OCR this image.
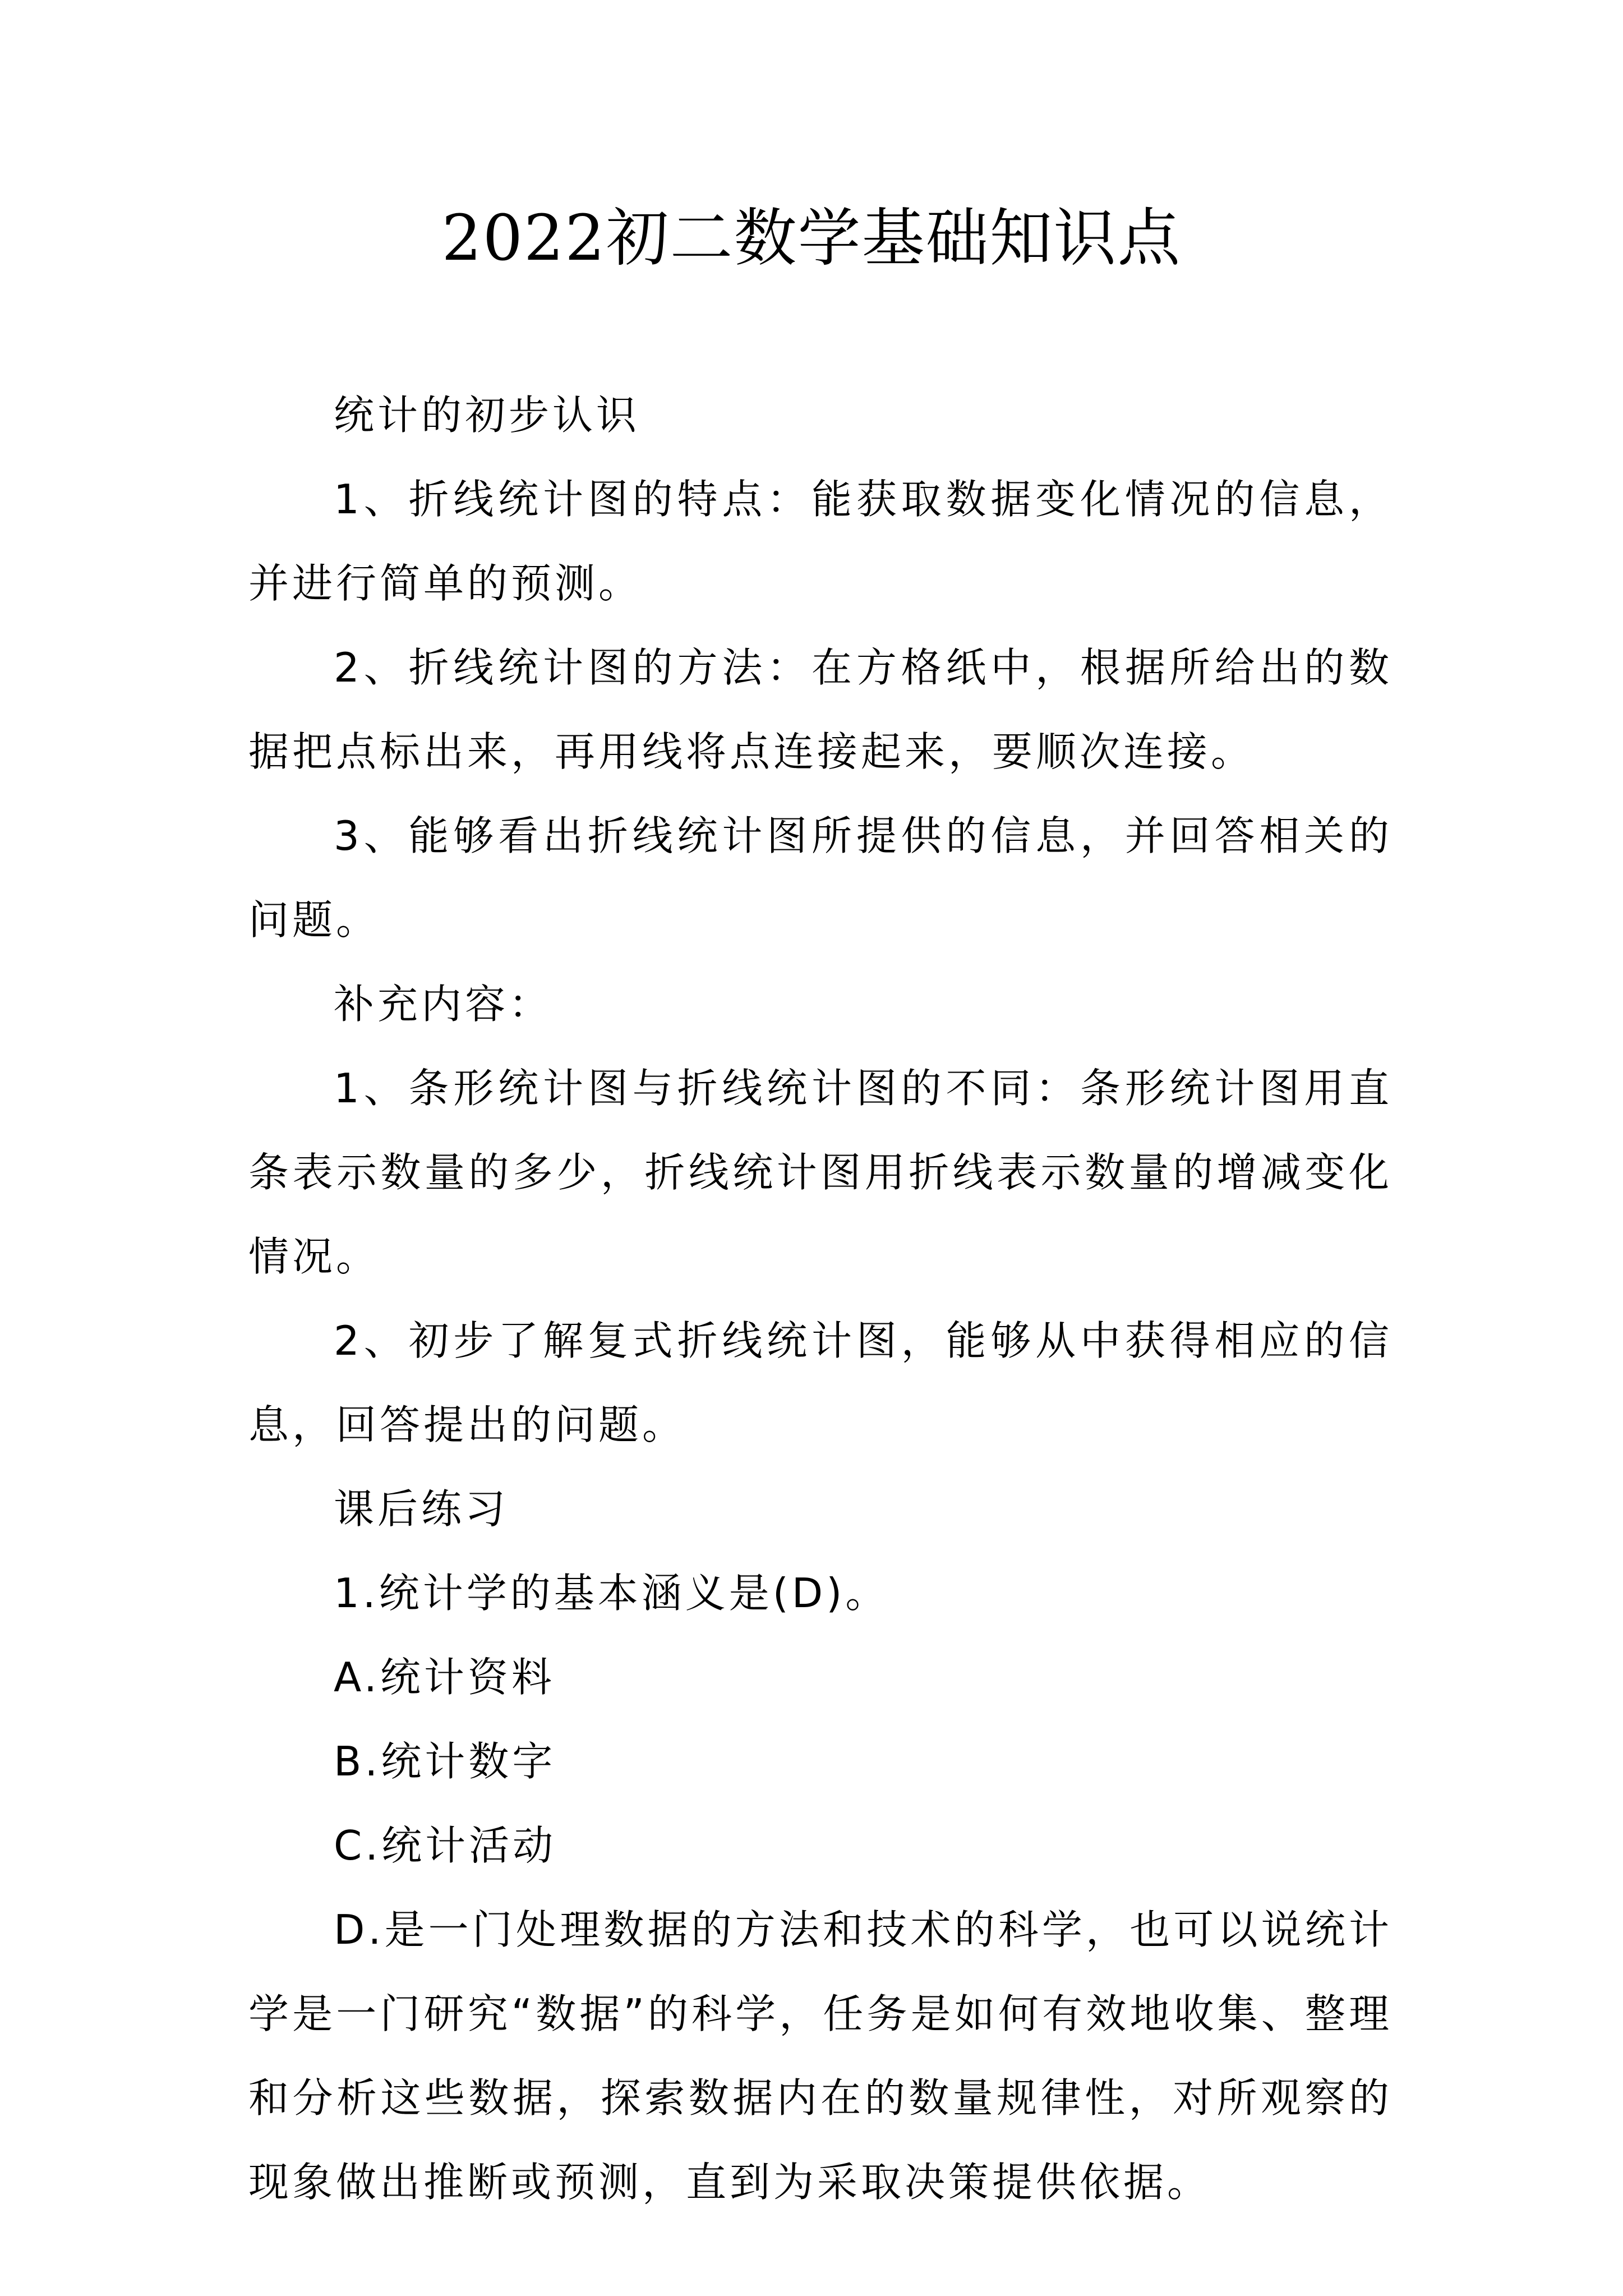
2022初二数学基础知识点

统计的初步认识

1、折线统计图的特点：能获取数据变化情况的信息，并进行简单的预测。

2、折线统计图的方法：在方格纸中，根据所给出的数据把点标出来，再用线将点连接起来，要顺次连接。

3、能够看出折线统计图所提供的信息，并回答相关的问题。

补充内容：

1、条形统计图与折线统计图的不同：条形统计图用直条表示数量的多少，折线统计图用折线表示数量的增减变化情况。

2、初步了解复式折线统计图，能够从中获得相应的信息，回答提出的问题。

课后练习

1.统计学的基本涵义是(D)。

A.统计资料

B.统计数字

C.统计活动

D.是一门处理数据的方法和技术的科学，也可以说统计学是一门研究“数据”的科学，任务是如何有效地收集、整理和分析这些数据，探索数据内在的数量规律性，对所观察的现象做出推断或预测，直到为采取决策提供依据。
